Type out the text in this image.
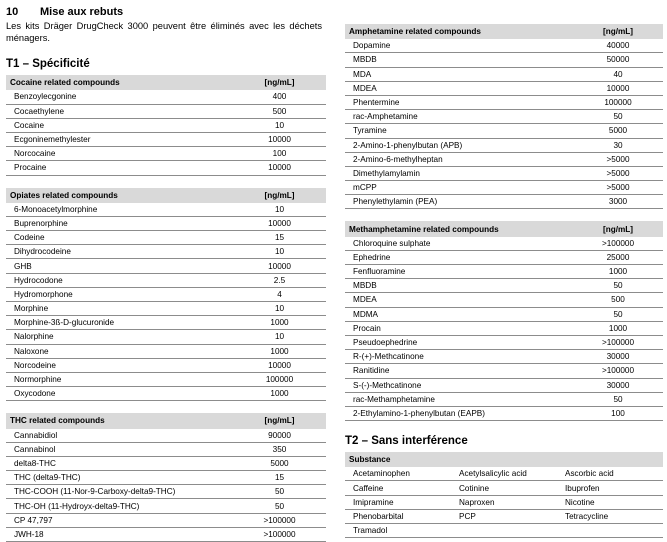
10	Mise aux rebuts

Les kits Dräger DrugCheck 3000 peuvent être éliminés avec les déchets ménagers.

T1 – Spécificité
Cocaine related compounds	[ng/mL]
Benzoylecgonine	400
Cocaethylene	500
Cocaine	10
Ecgoninemethylester	10000
Norcocaine	100
Procaine	10000
Opiates related compounds	[ng/mL]
6-Monoacetylmorphine	10
Buprenorphine	10000
Codeine	15
Dihydrocodeine	10
GHB	10000
Hydrocodone	2.5
Hydromorphone	4
Morphine	10
Morphine-3ß-D-glucuronide	1000
Nalorphine	10
Naloxone	1000
Norcodeine	10000
Normorphine	100000
Oxycodone	1000
THC related compounds	[ng/mL]
Cannabidiol	90000
Cannabinol	350
delta8-THC	5000
THC (delta9-THC)	15
THC-COOH (11-Nor-9-Carboxy-delta9-THC)	50
THC-OH (11-Hydroyx-delta9-THC)	50
CP 47,797	>100000
JWH-18	>100000
Amphetamine related compounds	[ng/mL]
Dopamine	40000
MBDB	50000
MDA	40
MDEA	10000
Phentermine	100000
rac-Amphetamine	50
Tyramine	5000
2-Amino-1-phenylbutan (APB)	30
2-Amino-6-methylheptan	>5000
Dimethylamylamin	>5000
mCPP	>5000
Phenylethylamin (PEA)	3000
Methamphetamine related compounds	[ng/mL]
Chloroquine sulphate	>100000
Ephedrine	25000
Fenfluoramine	1000
MBDB	50
MDEA	500
MDMA	50
Procain	1000
Pseudoephedrine	>100000
R-(+)-Methcatinone	30000
Ranitidine	>100000
S-(-)-Methcatinone	30000
rac-Methamphetamine	50
2-Ethylamino-1-phenylbutan (EAPB)	100
T2 – Sans interférence
Substance		
Acetaminophen	Acetylsalicylic acid	Ascorbic acid
Caffeine	Cotinine	Ibuprofen
Imipramine	Naproxen	Nicotine
Phenobarbital	PCP	Tetracycline
Tramadol		
